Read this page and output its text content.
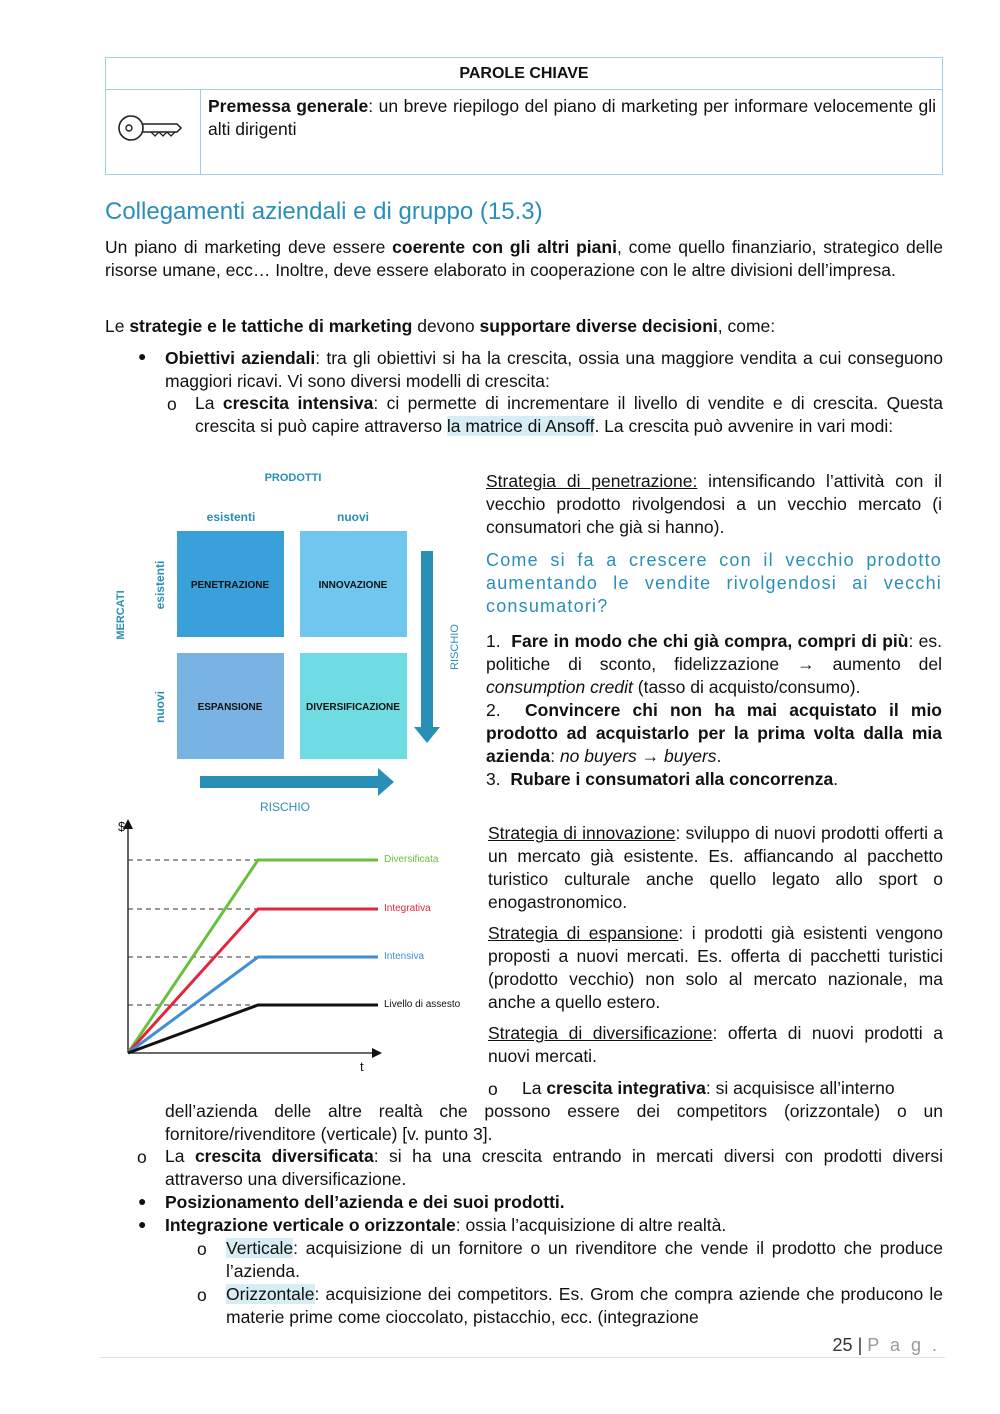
PAROLE CHIAVE
Premessa generale: un breve riepilogo del piano di marketing per informare velocemente gli alti dirigenti
Collegamenti aziendali e di gruppo (15.3)
Un piano di marketing deve essere coerente con gli altri piani, come quello finanziario, strategico delle risorse umane, ecc… Inoltre, deve essere elaborato in cooperazione con le altre divisioni dell’impresa.
Le strategie e le tattiche di marketing devono supportare diverse decisioni, come:
● Obiettivi aziendali: tra gli obiettivi si ha la crescita, ossia una maggiore vendita a cui conseguono maggiori ricavi. Vi sono diversi modelli di crescita:
o La crescita intensiva: ci permette di incrementare il livello di vendite e di crescita. Questa crescita si può capire attraverso la matrice di Ansoff. La crescita può avvenire in vari modi:
PRODOTTI
esistenti	nuovi
MERCATI
esistenti
nuovi
PENETRAZIONE	INNOVAZIONE
ESPANSIONE	DIVERSIFICAZIONE
RISCHIO
RISCHIO
$
t
Diversificata
Integrativa
Intensiva
Livello di assesto
Strategia di penetrazione: intensificando l’attività con il vecchio prodotto rivolgendosi a un vecchio mercato (i consumatori che già si hanno).
Come si fa a crescere con il vecchio prodotto aumentando le vendite rivolgendosi ai vecchi consumatori?
1. Fare in modo che chi già compra, compri di più: es. politiche di sconto, fidelizzazione → aumento del consumption credit (tasso di acquisto/consumo).
2. Convincere chi non ha mai acquistato il mio prodotto ad acquistarlo per la prima volta dalla mia azienda: no buyers → buyers.
3. Rubare i consumatori alla concorrenza.
Strategia di innovazione: sviluppo di nuovi prodotti offerti a un mercato già esistente. Es. affiancando al pacchetto turistico culturale anche quello legato allo sport o enogastronomico.
Strategia di espansione: i prodotti già esistenti vengono proposti a nuovi mercati. Es. offerta di pacchetti turistici (prodotto vecchio) non solo al mercato nazionale, ma anche a quello estero.
Strategia di diversificazione: offerta di nuovi prodotti a nuovi mercati.
o La crescita integrativa: si acquisisce all’interno
dell’azienda delle altre realtà che possono essere dei competitors (orizzontale) o un fornitore/rivenditore (verticale) [v. punto 3].
o La crescita diversificata: si ha una crescita entrando in mercati diversi con prodotti diversi attraverso una diversificazione.
● Posizionamento dell’azienda e dei suoi prodotti.
● Integrazione verticale o orizzontale: ossia l’acquisizione di altre realtà.
o Verticale: acquisizione di un fornitore o un rivenditore che vende il prodotto che produce l’azienda.
o Orizzontale: acquisizione dei competitors. Es. Grom che compra aziende che producono le materie prime come cioccolato, pistacchio, ecc. (integrazione
25 | P a g .
